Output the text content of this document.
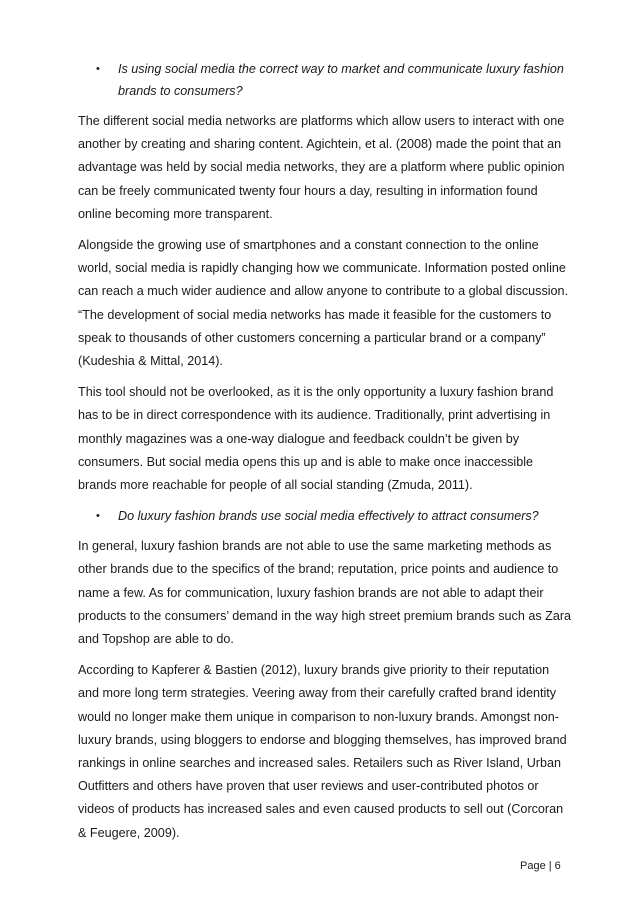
• Is using social media the correct way to market and communicate luxury fashion brands to consumers?

The different social media networks are platforms which allow users to interact with one another by creating and sharing content. Agichtein, et al. (2008) made the point that an advantage was held by social media networks, they are a platform where public opinion can be freely communicated twenty four hours a day, resulting in information found online becoming more transparent.

Alongside the growing use of smartphones and a constant connection to the online world, social media is rapidly changing how we communicate. Information posted online can reach a much wider audience and allow anyone to contribute to a global discussion. “The development of social media networks has made it feasible for the customers to speak to thousands of other customers concerning a particular brand or a company” (Kudeshia & Mittal, 2014).

This tool should not be overlooked, as it is the only opportunity a luxury fashion brand has to be in direct correspondence with its audience. Traditionally, print advertising in monthly magazines was a one-way dialogue and feedback couldn’t be given by consumers. But social media opens this up and is able to make once inaccessible brands more reachable for people of all social standing (Zmuda, 2011).

• Do luxury fashion brands use social media effectively to attract consumers?

In general, luxury fashion brands are not able to use the same marketing methods as other brands due to the specifics of the brand; reputation, price points and audience to name a few. As for communication, luxury fashion brands are not able to adapt their products to the consumers’ demand in the way high street premium brands such as Zara and Topshop are able to do.

According to Kapferer & Bastien (2012), luxury brands give priority to their reputation and more long term strategies. Veering away from their carefully crafted brand identity would no longer make them unique in comparison to non-luxury brands. Amongst non-luxury brands, using bloggers to endorse and blogging themselves, has improved brand rankings in online searches and increased sales. Retailers such as River Island, Urban Outfitters and others have proven that user reviews and user-contributed photos or videos of products has increased sales and even caused products to sell out (Corcoran & Feugere, 2009).

Page | 6
